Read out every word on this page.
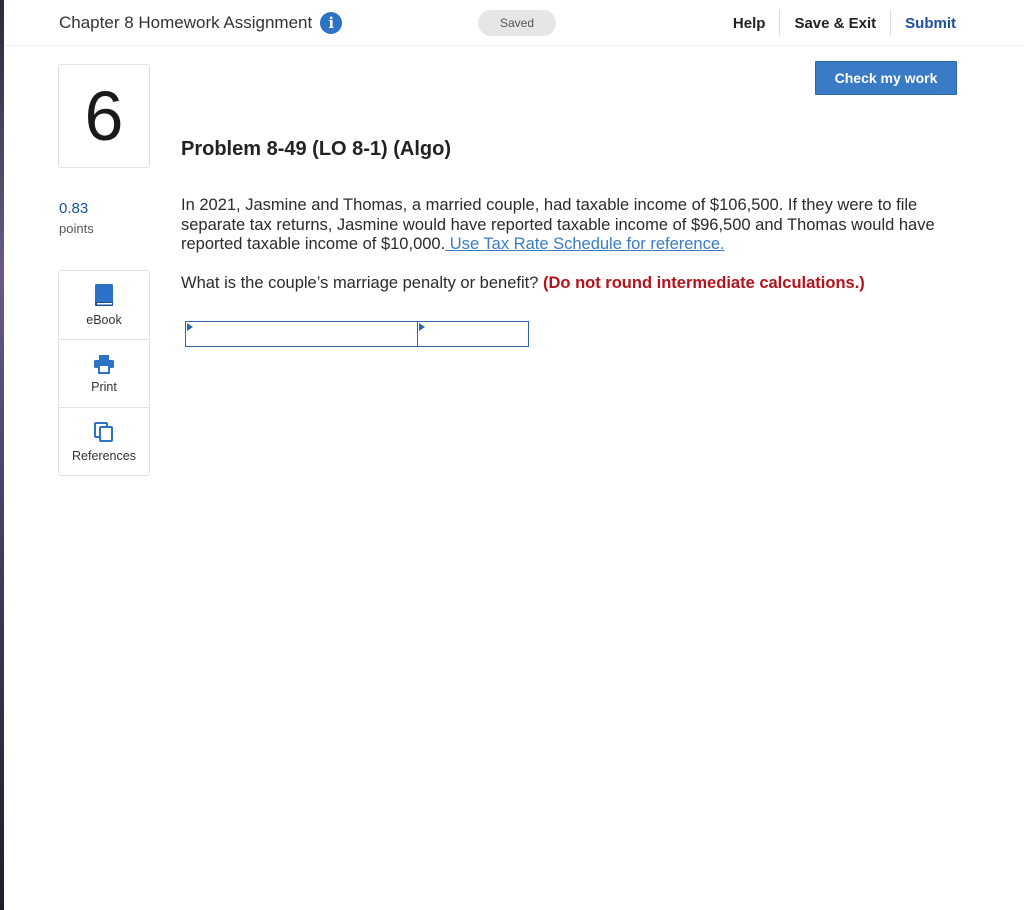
Chapter 8 Homework Assignment	i	Saved	Help	Save & Exit	Submit
Check my work
6
0.83
points
eBook
Print
References
Problem 8-49 (LO 8-1) (Algo)

In 2021, Jasmine and Thomas, a married couple, had taxable income of $106,500. If they were to file separate tax returns, Jasmine would have reported taxable income of $96,500 and Thomas would have reported taxable income of $10,000. Use Tax Rate Schedule for reference.

What is the couple’s marriage penalty or benefit? (Do not round intermediate calculations.)
